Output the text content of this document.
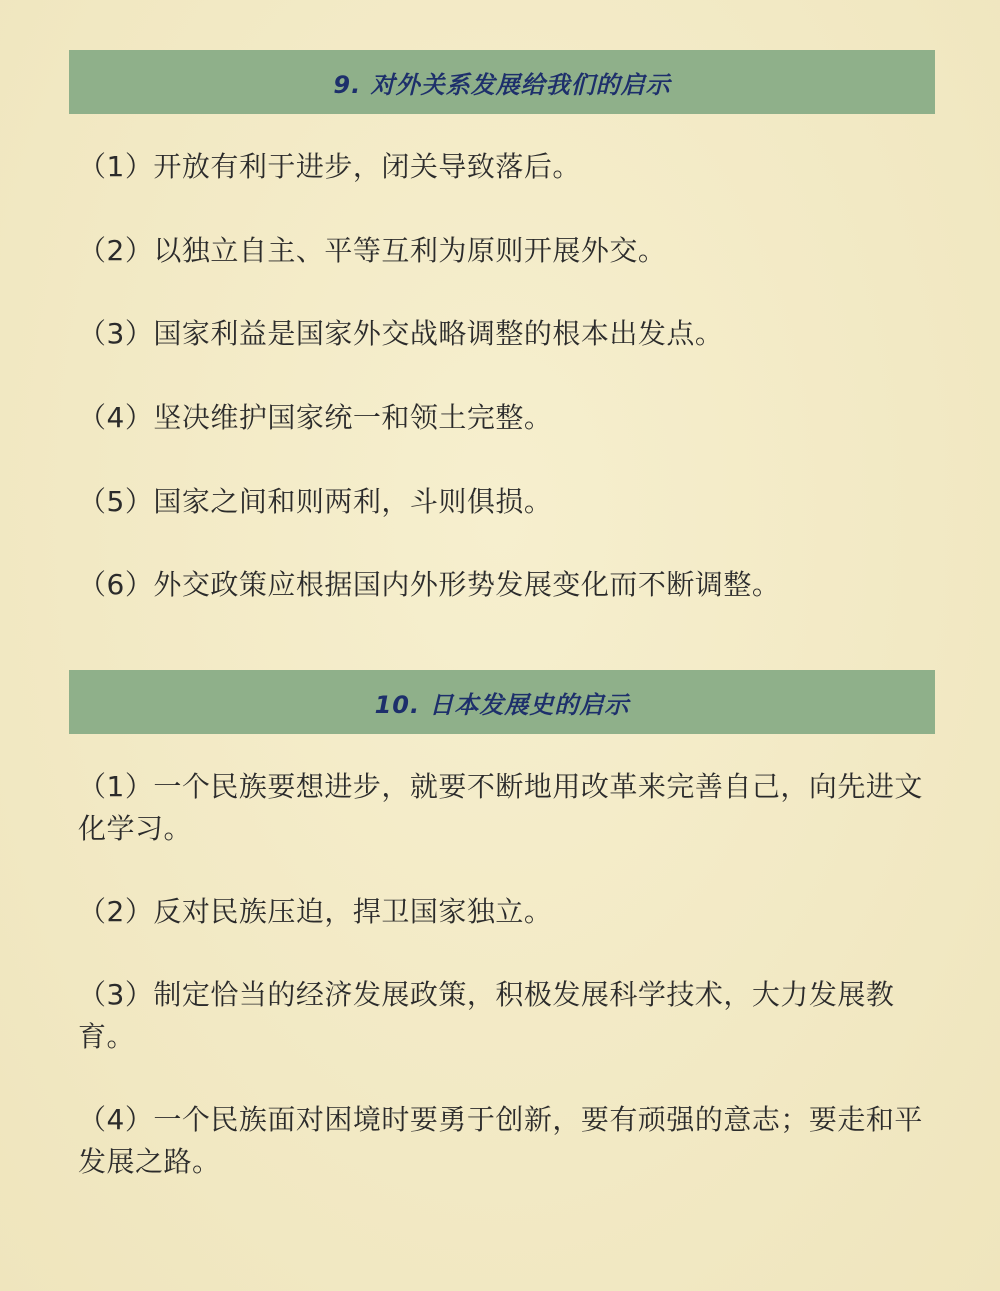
9. 对外关系发展给我们的启示
（1）开放有利于进步，闭关导致落后。
（2）以独立自主、平等互利为原则开展外交。
（3）国家利益是国家外交战略调整的根本出发点。
（4）坚决维护国家统一和领土完整。
（5）国家之间和则两利，斗则俱损。
（6）外交政策应根据国内外形势发展变化而不断调整。
10. 日本发展史的启示
（1）一个民族要想进步，就要不断地用改革来完善自己，向先进文化学习。
（2）反对民族压迫，捍卫国家独立。
（3）制定恰当的经济发展政策，积极发展科学技术，大力发展教育。
（4）一个民族面对困境时要勇于创新，要有顽强的意志；要走和平发展之路。
